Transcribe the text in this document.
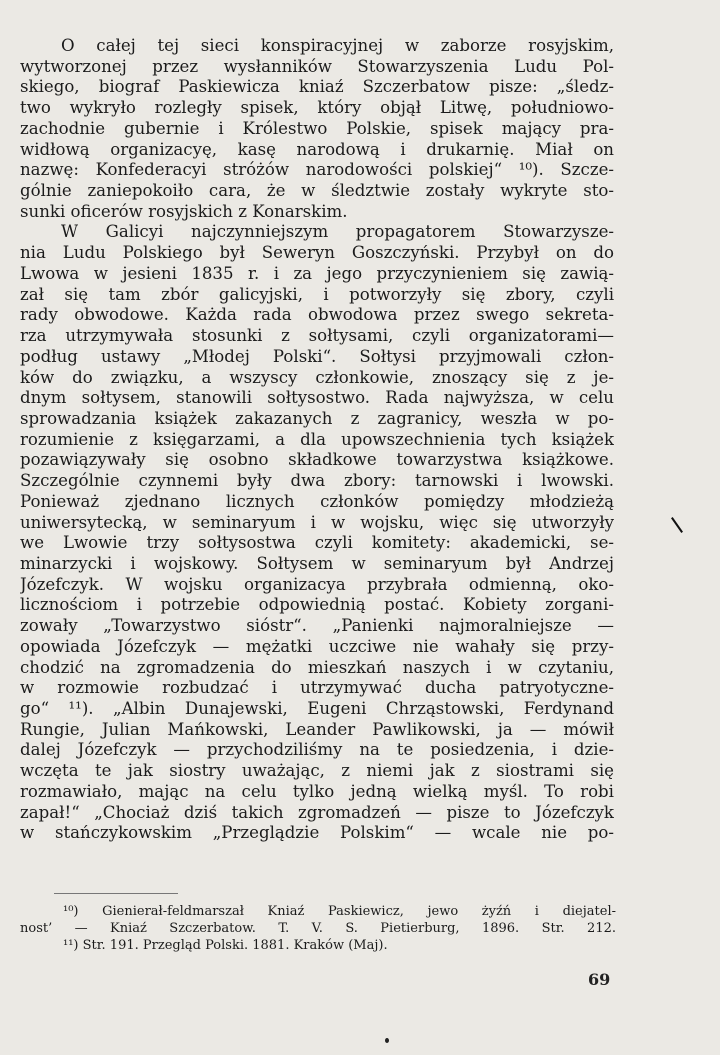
O całej tej sieci konspiracyjnej w zaborze rosyjskim,
wytworzonej przez wysłanników Stowarzyszenia Ludu Pol-
skiego, biograf Paskiewicza kniaź Szczerbatow pisze: „śledz-
two wykryło rozległy spisek, który objął Litwę, południowo-
zachodnie gubernie i Królestwo Polskie, spisek mający pra-
widłową organizacyę, kasę narodową i drukarnię. Miał on
nazwę: Konfederacyi stróżów narodowości polskiej“ ¹⁰). Szcze-
gólnie zaniepokoiło cara, że w śledztwie zostały wykryte sto-
sunki oficerów rosyjskich z Konarskim.
W Galicyi najczynniejszym propagatorem Stowarzysze-
nia Ludu Polskiego był Seweryn Goszczyński. Przybył on do
Lwowa w jesieni 1835 r. i za jego przyczynieniem się zawią-
zał się tam zbór galicyjski, i potworzyły się zbory, czyli
rady obwodowe. Każda rada obwodowa przez swego sekreta-
rza utrzymywała stosunki z sołtysami, czyli organizatorami—
podług ustawy „Młodej Polski“. Sołtysi przyjmowali człon-
ków do związku, a wszyscy członkowie, znoszący się z je-
dnym sołtysem, stanowili sołtysostwo. Rada najwyższa, w celu
sprowadzania książek zakazanych z zagranicy, weszła w po-
rozumienie z księgarzami, a dla upowszechnienia tych książek
pozawiązywały się osobno składkowe towarzystwa książkowe.
Szczególnie czynnemi były dwa zbory: tarnowski i lwowski.
Ponieważ zjednano licznych członków pomiędzy młodzieżą
uniwersytecką, w seminaryum i w wojsku, więc się utworzyły
we Lwowie trzy sołtysostwa czyli komitety: akademicki, se-
minarzycki i wojskowy. Sołtysem w seminaryum był Andrzej
Józefczyk. W wojsku organizacya przybrała odmienną, oko-
licznościom i potrzebie odpowiednią postać. Kobiety zorgani-
zowały „Towarzystwo sióstr“. „Panienki najmoralniejsze —
opowiada Józefczyk — mężatki uczciwe nie wahały się przy-
chodzić na zgromadzenia do mieszkań naszych i w czytaniu,
w rozmowie rozbudzać i utrzymywać ducha patryotyczne-
go“ ¹¹). „Albin Dunajewski, Eugeni Chrząstowski, Ferdynand
Rungie, Julian Mańkowski, Leander Pawlikowski, ja — mówił
dalej Józefczyk — przychodziliśmy na te posiedzenia, i dzie-
wczęta te jak siostry uważając, z niemi jak z siostrami się
rozmawiało, mając na celu tylko jedną wielką myśl. To robi
zapał!“ „Chociaż dziś takich zgromadzeń — pisze to Józefczyk
w stańczykowskim „Przeglądzie Polskim“ — wcale nie po-
¹⁰) Gienierał-feldmarszał Kniaź Paskiewicz, jewo żyźń i diejatel-
nost’ — Kniaź Szczerbatow. T. V. S. Pietierburg, 1896. Str. 212.
¹¹) Str. 191. Przegląd Polski. 1881. Kraków (Maj).
69
